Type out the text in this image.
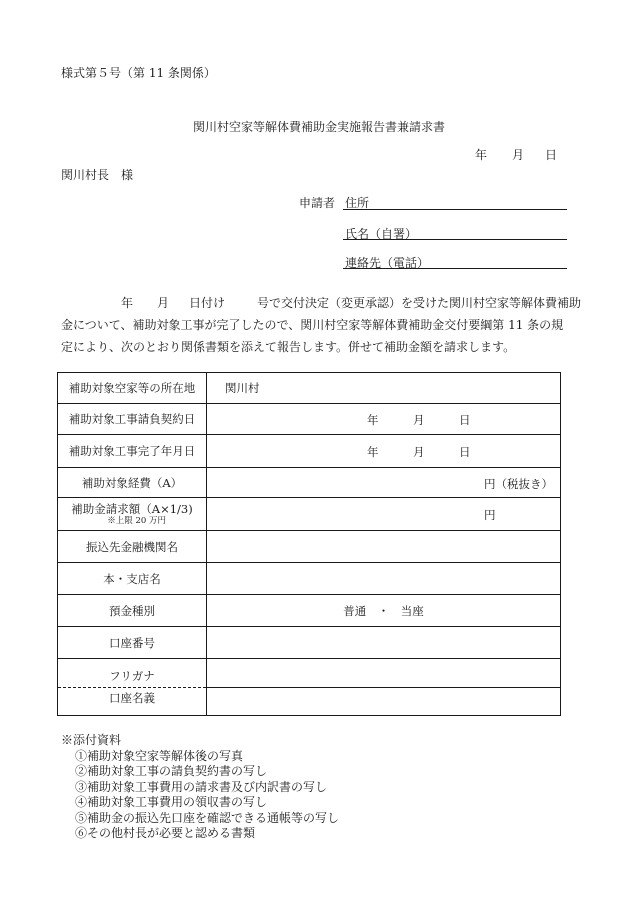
様式第５号（第 11 条関係）
関川村空家等解体費補助金実施報告書兼請求書
年 月 日
関川村長　様
申請者 住所
氏名（自署）
連絡先（電話）
年 月 日付け	号で交付決定（変更承認）を受けた関川村空家等解体費補助
金について、補助対象工事が完了したので、関川村空家等解体費補助金交付要綱第 11 条の規定により、次のとおり関係書類を添えて報告します。併せて補助金額を請求します。
補助対象空家等の所在地	関川村
補助対象工事請負契約日	年 月 日

補助対象工事完了年月日	年 月 日

補助対象経費（A）	円（税抜き）

補助金請求額（A×1/3)
※上限 20 万円	円

振込先金融機関名	
本・支店名	
預金種別	普通　・　当座
口座番号	
フリガナ	
口座名義	
※添付資料
①補助対象空家等解体後の写真
②補助対象工事の請負契約書の写し
③補助対象工事費用の請求書及び内訳書の写し
④補助対象工事費用の領収書の写し
⑤補助金の振込先口座を確認できる通帳等の写し
⑥その他村長が必要と認める書類
